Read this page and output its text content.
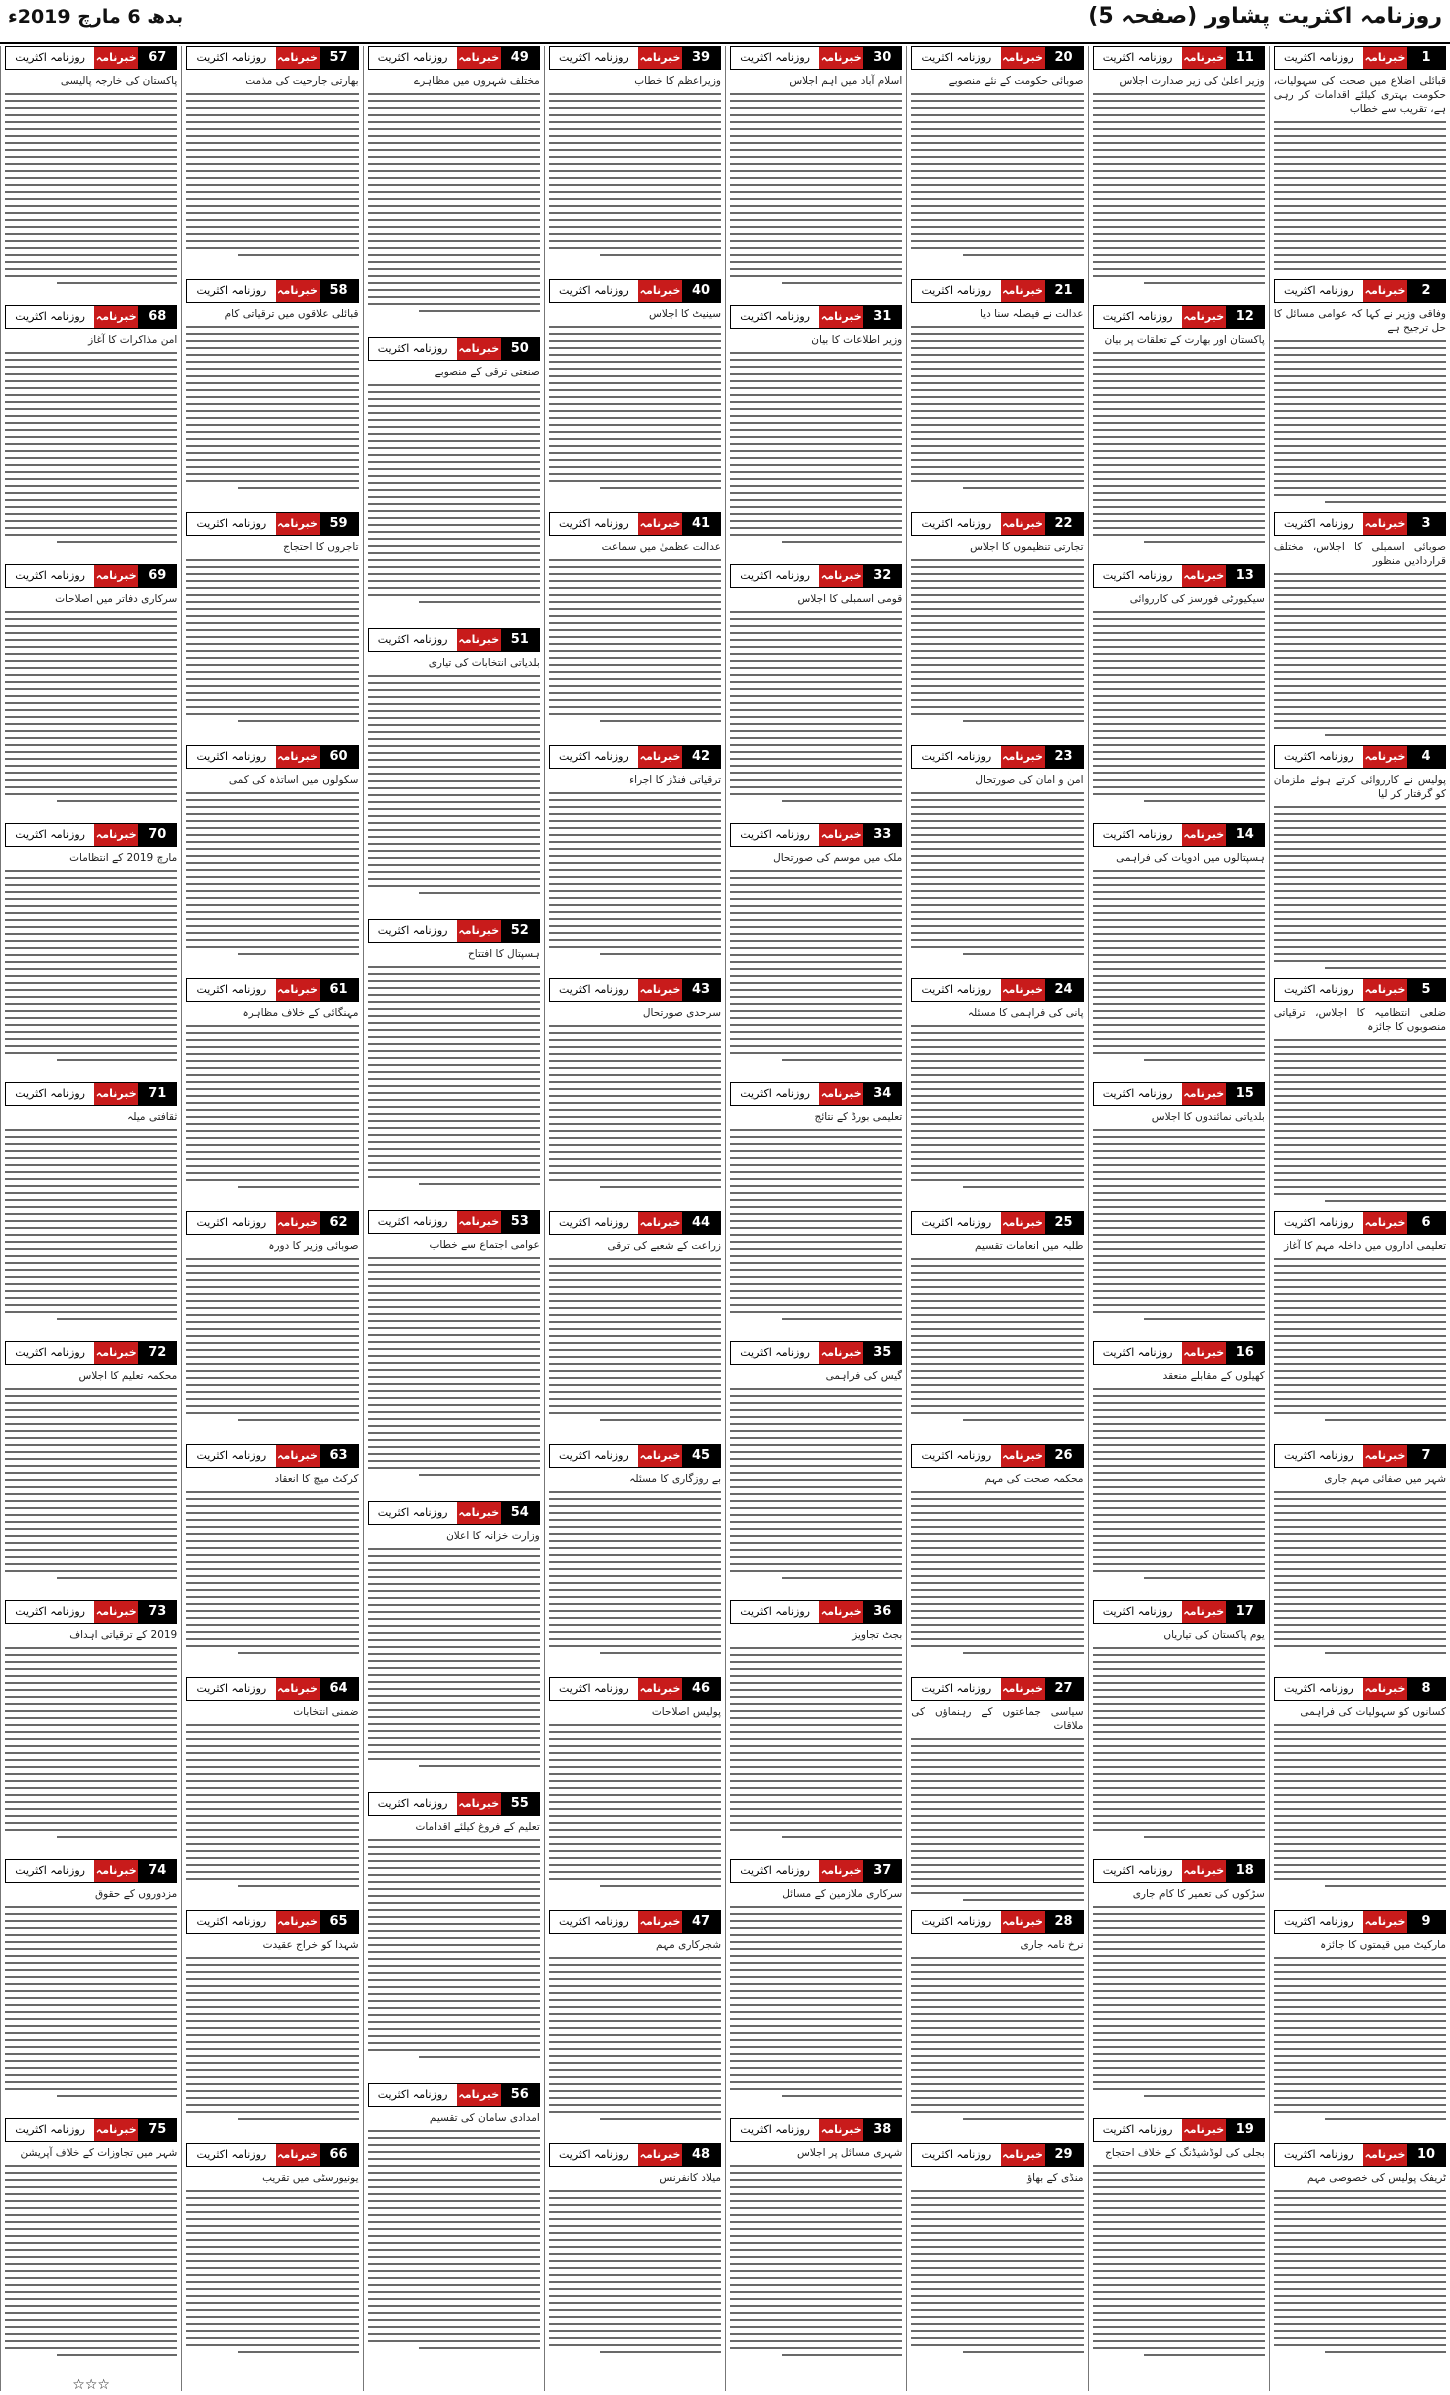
روزنامہ اکثریت پشاور (صفحہ 5)
بدھ 6 مارچ 2019ء
روزنامہ اکثریت خبرنامہ	1
قبائلی اضلاع میں صحت کی سہولیات، حکومت بہتری کیلئے اقدامات کر رہی ہے، تقریب سے خطاب
روزنامہ اکثریت خبرنامہ	2
وفاقی وزیر نے کہا کہ عوامی مسائل کا حل ترجیح ہے
روزنامہ اکثریت خبرنامہ	3
صوبائی اسمبلی کا اجلاس، مختلف قراردادیں منظور
روزنامہ اکثریت خبرنامہ	4
پولیس نے کارروائی کرتے ہوئے ملزمان کو گرفتار کر لیا
روزنامہ اکثریت خبرنامہ	5
ضلعی انتظامیہ کا اجلاس، ترقیاتی منصوبوں کا جائزہ
روزنامہ اکثریت خبرنامہ	6
تعلیمی اداروں میں داخلہ مہم کا آغاز
روزنامہ اکثریت خبرنامہ	7
شہر میں صفائی مہم جاری
روزنامہ اکثریت خبرنامہ	8
کسانوں کو سہولیات کی فراہمی
روزنامہ اکثریت خبرنامہ	9
مارکیٹ میں قیمتوں کا جائزہ
روزنامہ اکثریت خبرنامہ 10
ٹریفک پولیس کی خصوصی مہم
روزنامہ اکثریت خبرنامہ 11
وزیر اعلیٰ کی زیر صدارت اجلاس
روزنامہ اکثریت خبرنامہ 12
پاکستان اور بھارت کے تعلقات پر بیان
روزنامہ اکثریت خبرنامہ 13
سیکیورٹی فورسز کی کارروائی
روزنامہ اکثریت خبرنامہ 14
ہسپتالوں میں ادویات کی فراہمی
روزنامہ اکثریت خبرنامہ 15
بلدیاتی نمائندوں کا اجلاس
روزنامہ اکثریت خبرنامہ 16
کھیلوں کے مقابلے منعقد
روزنامہ اکثریت خبرنامہ 17
یوم پاکستان کی تیاریاں
روزنامہ اکثریت خبرنامہ 18
سڑکوں کی تعمیر کا کام جاری
روزنامہ اکثریت خبرنامہ 19
بجلی کی لوڈشیڈنگ کے خلاف احتجاج
روزنامہ اکثریت خبرنامہ 20
صوبائی حکومت کے نئے منصوبے
روزنامہ اکثریت خبرنامہ 21
عدالت نے فیصلہ سنا دیا
روزنامہ اکثریت خبرنامہ 22
تجارتی تنظیموں کا اجلاس
روزنامہ اکثریت خبرنامہ 23
امن و امان کی صورتحال
روزنامہ اکثریت خبرنامہ 24
پانی کی فراہمی کا مسئلہ
روزنامہ اکثریت خبرنامہ 25
طلبہ میں انعامات تقسیم
روزنامہ اکثریت خبرنامہ 26
محکمہ صحت کی مہم
روزنامہ اکثریت خبرنامہ 27
سیاسی جماعتوں کے رہنماؤں کی ملاقات
روزنامہ اکثریت خبرنامہ 28
نرخ نامہ جاری
روزنامہ اکثریت خبرنامہ 29
منڈی کے بھاؤ
روزنامہ اکثریت خبرنامہ 30
اسلام آباد میں اہم اجلاس
روزنامہ اکثریت خبرنامہ 31
وزیر اطلاعات کا بیان
روزنامہ اکثریت خبرنامہ 32
قومی اسمبلی کا اجلاس
روزنامہ اکثریت خبرنامہ 33
ملک میں موسم کی صورتحال
روزنامہ اکثریت خبرنامہ 34
تعلیمی بورڈ کے نتائج
روزنامہ اکثریت خبرنامہ 35
گیس کی فراہمی
روزنامہ اکثریت خبرنامہ 36
بجٹ تجاویز
روزنامہ اکثریت خبرنامہ 37
سرکاری ملازمین کے مسائل
روزنامہ اکثریت خبرنامہ 38
شہری مسائل پر اجلاس
روزنامہ اکثریت خبرنامہ 39
وزیراعظم کا خطاب
روزنامہ اکثریت خبرنامہ 40
سینیٹ کا اجلاس
روزنامہ اکثریت خبرنامہ 41
عدالت عظمیٰ میں سماعت
روزنامہ اکثریت خبرنامہ 42
ترقیاتی فنڈز کا اجراء
روزنامہ اکثریت خبرنامہ 43
سرحدی صورتحال
روزنامہ اکثریت خبرنامہ 44
زراعت کے شعبے کی ترقی
روزنامہ اکثریت خبرنامہ 45
بے روزگاری کا مسئلہ
روزنامہ اکثریت خبرنامہ 46
پولیس اصلاحات
روزنامہ اکثریت خبرنامہ 47
شجرکاری مہم
روزنامہ اکثریت خبرنامہ 48
میلاد کانفرنس
روزنامہ اکثریت خبرنامہ 49
مختلف شہروں میں مظاہرے
روزنامہ اکثریت خبرنامہ 50
صنعتی ترقی کے منصوبے
روزنامہ اکثریت خبرنامہ 51
بلدیاتی انتخابات کی تیاری
روزنامہ اکثریت خبرنامہ 52
ہسپتال کا افتتاح
روزنامہ اکثریت خبرنامہ 53
عوامی اجتماع سے خطاب
روزنامہ اکثریت خبرنامہ 54
وزارت خزانہ کا اعلان
روزنامہ اکثریت خبرنامہ 55
تعلیم کے فروغ کیلئے اقدامات
روزنامہ اکثریت خبرنامہ 56
امدادی سامان کی تقسیم
روزنامہ اکثریت خبرنامہ 57
بھارتی جارحیت کی مذمت
روزنامہ اکثریت خبرنامہ 58
قبائلی علاقوں میں ترقیاتی کام
روزنامہ اکثریت خبرنامہ 59
تاجروں کا احتجاج
روزنامہ اکثریت خبرنامہ 60
سکولوں میں اساتذہ کی کمی
روزنامہ اکثریت خبرنامہ 61
مہنگائی کے خلاف مظاہرہ
روزنامہ اکثریت خبرنامہ 62
صوبائی وزیر کا دورہ
روزنامہ اکثریت خبرنامہ 63
کرکٹ میچ کا انعقاد
روزنامہ اکثریت خبرنامہ 64
ضمنی انتخابات
روزنامہ اکثریت خبرنامہ 65
شہدا کو خراج عقیدت
روزنامہ اکثریت خبرنامہ 66
یونیورسٹی میں تقریب
روزنامہ اکثریت خبرنامہ 67
پاکستان کی خارجہ پالیسی
روزنامہ اکثریت خبرنامہ 68
امن مذاکرات کا آغاز
روزنامہ اکثریت خبرنامہ 69
سرکاری دفاتر میں اصلاحات
روزنامہ اکثریت خبرنامہ 70
مارچ 2019 کے انتظامات
روزنامہ اکثریت خبرنامہ 71
ثقافتی میلہ
روزنامہ اکثریت خبرنامہ 72
محکمہ تعلیم کا اجلاس
روزنامہ اکثریت خبرنامہ 73
2019 کے ترقیاتی اہداف
روزنامہ اکثریت خبرنامہ 74
مزدوروں کے حقوق
روزنامہ اکثریت خبرنامہ 75
شہر میں تجاوزات کے خلاف آپریشن
☆☆☆
